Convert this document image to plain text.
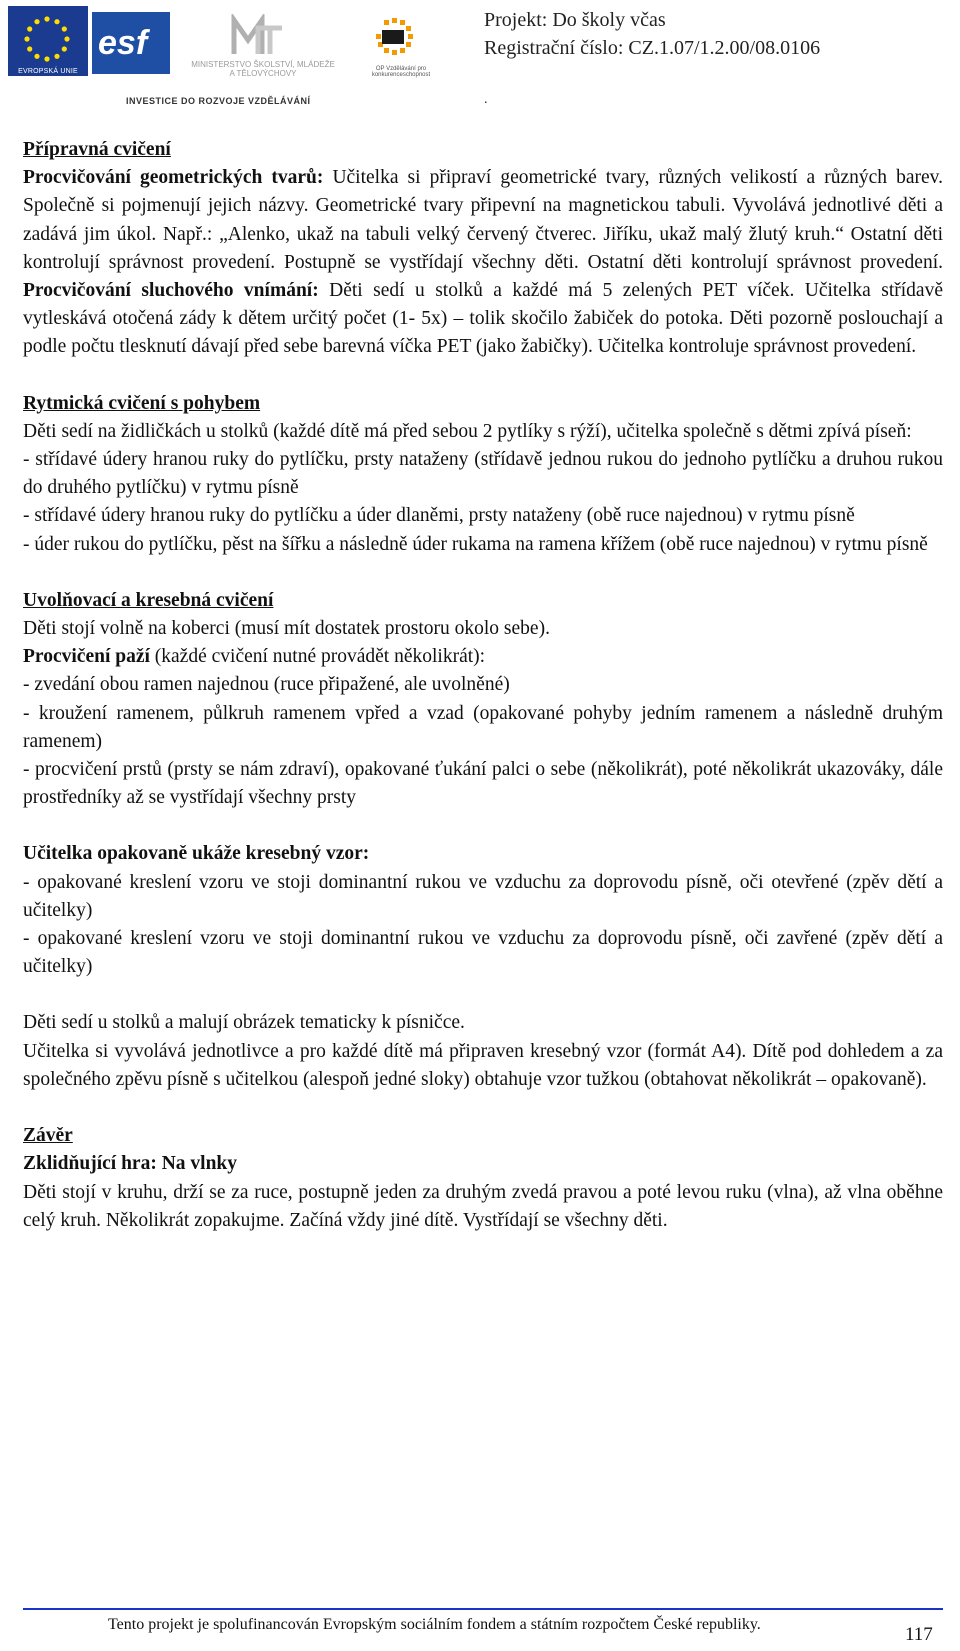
EVROPSKÁ UNIE
esf
MINISTERSTVO ŠKOLSTVÍ, MLÁDEŽE A TĚLOVÝCHOVY	OP Vzdělávání pro konkurenceschopnost
INVESTICE DO ROZVOJE VZDĚLÁVÁNÍ
Projekt: Do školy včas
Registrační číslo: CZ.1.07/1.2.00/08.0106
.

Přípravná cvičení

Procvičování geometrických tvarů: Učitelka si připraví geometrické tvary, různých velikostí a různých barev. Společně si pojmenují jejich názvy. Geometrické tvary připevní na magnetickou tabuli. Vyvolává jednotlivé děti a zadává jim úkol. Např.: „Alenko, ukaž na tabuli velký červený čtverec. Jiříku, ukaž malý žlutý kruh.“ Ostatní děti kontrolují správnost provedení. Postupně se vystřídají všechny děti. Ostatní děti kontrolují správnost provedení. Procvičování sluchového vnímání: Děti sedí u stolků a každé má 5 zelených PET víček. Učitelka střídavě vytleskává otočená zády k dětem určitý počet (1- 5x) – tolik skočilo žabiček do potoka. Děti pozorně poslouchají a podle počtu tlesknutí dávají před sebe barevná víčka PET (jako žabičky). Učitelka kontroluje správnost provedení.

Rytmická cvičení s pohybem

Děti sedí na židličkách u stolků (každé dítě má před sebou 2 pytlíky s rýží), učitelka společně s dětmi zpívá píseň:

- střídavé údery hranou ruky do pytlíčku, prsty nataženy (střídavě jednou rukou do jednoho pytlíčku a druhou rukou do druhého pytlíčku) v rytmu písně

- střídavé údery hranou ruky do pytlíčku a úder dlaněmi, prsty nataženy (obě ruce najednou) v rytmu písně

- úder rukou do pytlíčku, pěst na šířku a následně úder rukama na ramena křížem (obě ruce najednou) v rytmu písně

Uvolňovací a kresebná cvičení

Děti stojí volně na koberci (musí mít dostatek prostoru okolo sebe).

Procvičení paží (každé cvičení nutné provádět několikrát):

- zvedání obou ramen najednou (ruce připažené, ale uvolněné)

- kroužení ramenem, půlkruh ramenem vpřed a vzad (opakované pohyby jedním ramenem a následně druhým ramenem)

- procvičení prstů (prsty se nám zdraví), opakované ťukání palci o sebe (několikrát), poté několikrát ukazováky, dále prostředníky až se vystřídají všechny prsty

Učitelka opakovaně ukáže kresebný vzor:

- opakované kreslení vzoru ve stoji dominantní rukou ve vzduchu za doprovodu písně, oči otevřené (zpěv dětí a učitelky)

- opakované kreslení vzoru ve stoji dominantní rukou ve vzduchu za doprovodu písně, oči zavřené (zpěv dětí a učitelky)

Děti sedí u stolků a malují obrázek tematicky k písničce.

Učitelka si vyvolává jednotlivce a pro každé dítě má připraven kresebný vzor (formát A4). Dítě pod dohledem a za společného zpěvu písně s učitelkou (alespoň jedné sloky) obtahuje vzor tužkou (obtahovat několikrát – opakovaně).

Závěr

Zklidňující hra: Na vlnky

Děti stojí v kruhu, drží se za ruce, postupně jeden za druhým zvedá pravou a poté levou ruku (vlna), až vlna oběhne celý kruh. Několikrát zopakujme. Začíná vždy jiné dítě. Vystřídají se všechny děti.

Tento projekt je spolufinancován Evropským sociálním fondem a státním rozpočtem České republiky.	117
